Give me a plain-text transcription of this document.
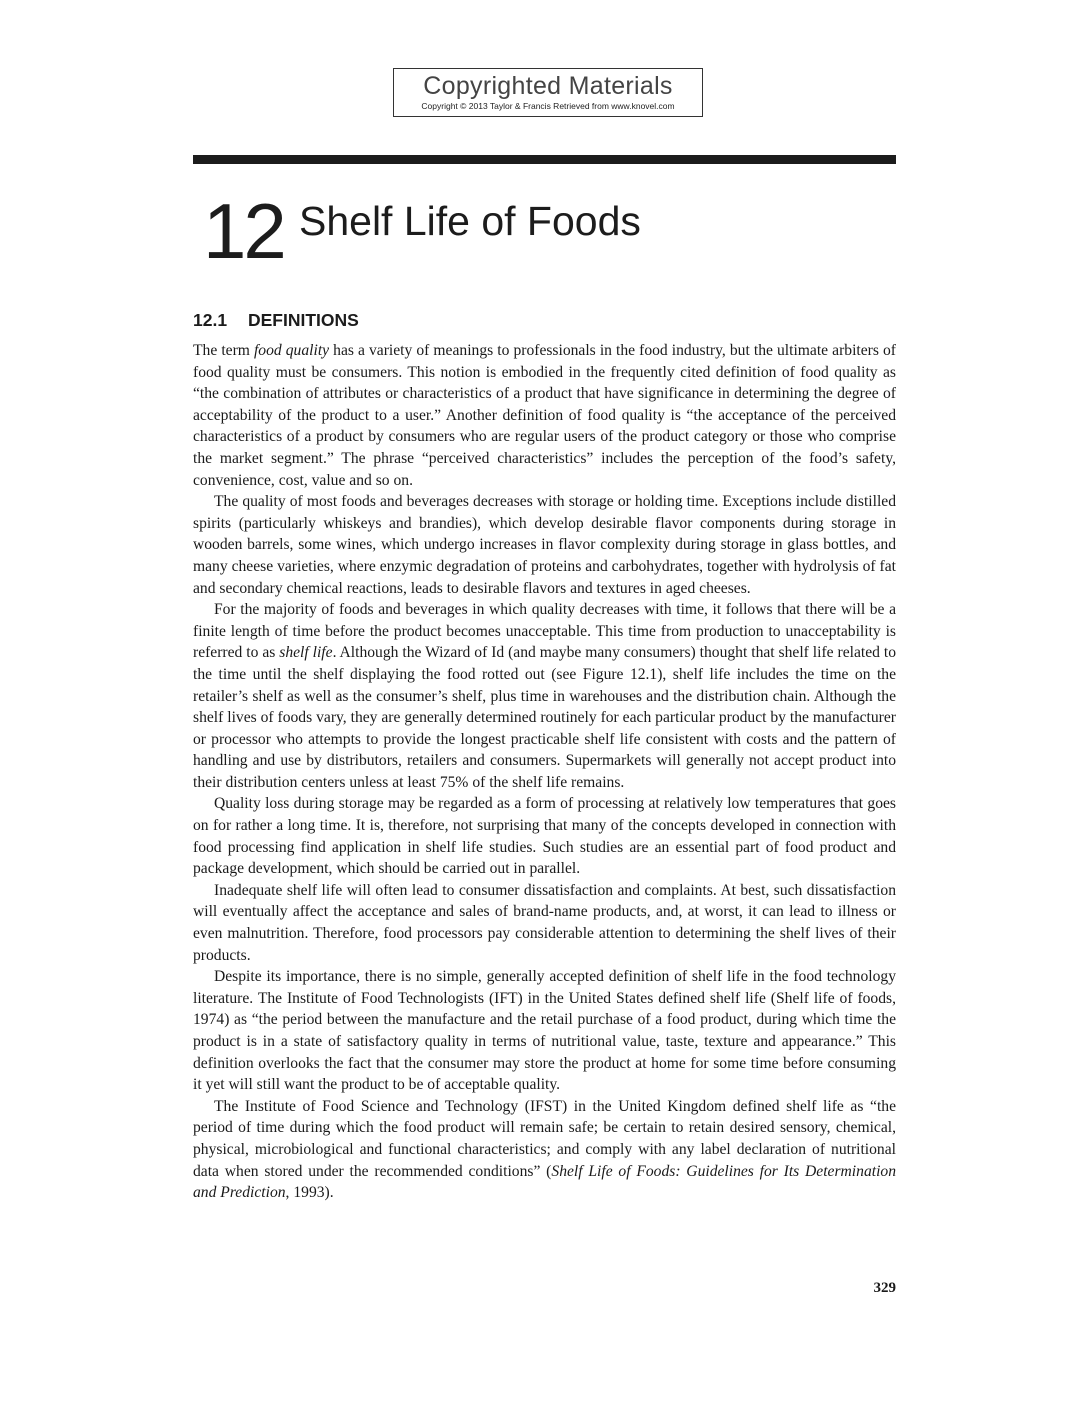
Copyrighted Materials
Copyright © 2013 Taylor & Francis Retrieved from www.knovel.com
12 Shelf Life of Foods
12.1 DEFINITIONS

The term food quality has a variety of meanings to professionals in the food industry, but the ultimate arbiters of food quality must be consumers. This notion is embodied in the frequently cited definition of food quality as “the combination of attributes or characteristics of a product that have significance in determining the degree of acceptability of the product to a user.” Another definition of food quality is “the acceptance of the perceived characteristics of a product by consumers who are regular users of the product category or those who comprise the market segment.” The phrase “perceived characteristics” includes the perception of the food’s safety, convenience, cost, value and so on.

The quality of most foods and beverages decreases with storage or holding time. Exceptions include distilled spirits (particularly whiskeys and brandies), which develop desirable flavor components during storage in wooden barrels, some wines, which undergo increases in flavor complexity during storage in glass bottles, and many cheese varieties, where enzymic degradation of proteins and carbohydrates, together with hydrolysis of fat and secondary chemical reactions, leads to desirable flavors and textures in aged cheeses.

For the majority of foods and beverages in which quality decreases with time, it follows that there will be a finite length of time before the product becomes unacceptable. This time from production to unacceptability is referred to as shelf life. Although the Wizard of Id (and maybe many consumers) thought that shelf life related to the time until the shelf displaying the food rotted out (see Figure 12.1), shelf life includes the time on the retailer’s shelf as well as the consumer’s shelf, plus time in warehouses and the distribution chain. Although the shelf lives of foods vary, they are generally determined routinely for each particular product by the manufacturer or processor who attempts to provide the longest practicable shelf life consistent with costs and the pattern of handling and use by distributors, retailers and consumers. Supermarkets will generally not accept product into their distribution centers unless at least 75% of the shelf life remains.

Quality loss during storage may be regarded as a form of processing at relatively low temperatures that goes on for rather a long time. It is, therefore, not surprising that many of the concepts developed in connection with food processing find application in shelf life studies. Such studies are an essential part of food product and package development, which should be carried out in parallel.

Inadequate shelf life will often lead to consumer dissatisfaction and complaints. At best, such dissatisfaction will eventually affect the acceptance and sales of brand-name products, and, at worst, it can lead to illness or even malnutrition. Therefore, food processors pay considerable attention to determining the shelf lives of their products.

Despite its importance, there is no simple, generally accepted definition of shelf life in the food technology literature. The Institute of Food Technologists (IFT) in the United States defined shelf life (Shelf life of foods, 1974) as “the period between the manufacture and the retail purchase of a food product, during which time the product is in a state of satisfactory quality in terms of nutritional value, taste, texture and appearance.” This definition overlooks the fact that the consumer may store the product at home for some time before consuming it yet will still want the product to be of acceptable quality.

The Institute of Food Science and Technology (IFST) in the United Kingdom defined shelf life as “the period of time during which the food product will remain safe; be certain to retain desired sensory, chemical, physical, microbiological and functional characteristics; and comply with any label declaration of nutritional data when stored under the recommended conditions” (Shelf Life of Foods: Guidelines for Its Determination and Prediction, 1993).

329
